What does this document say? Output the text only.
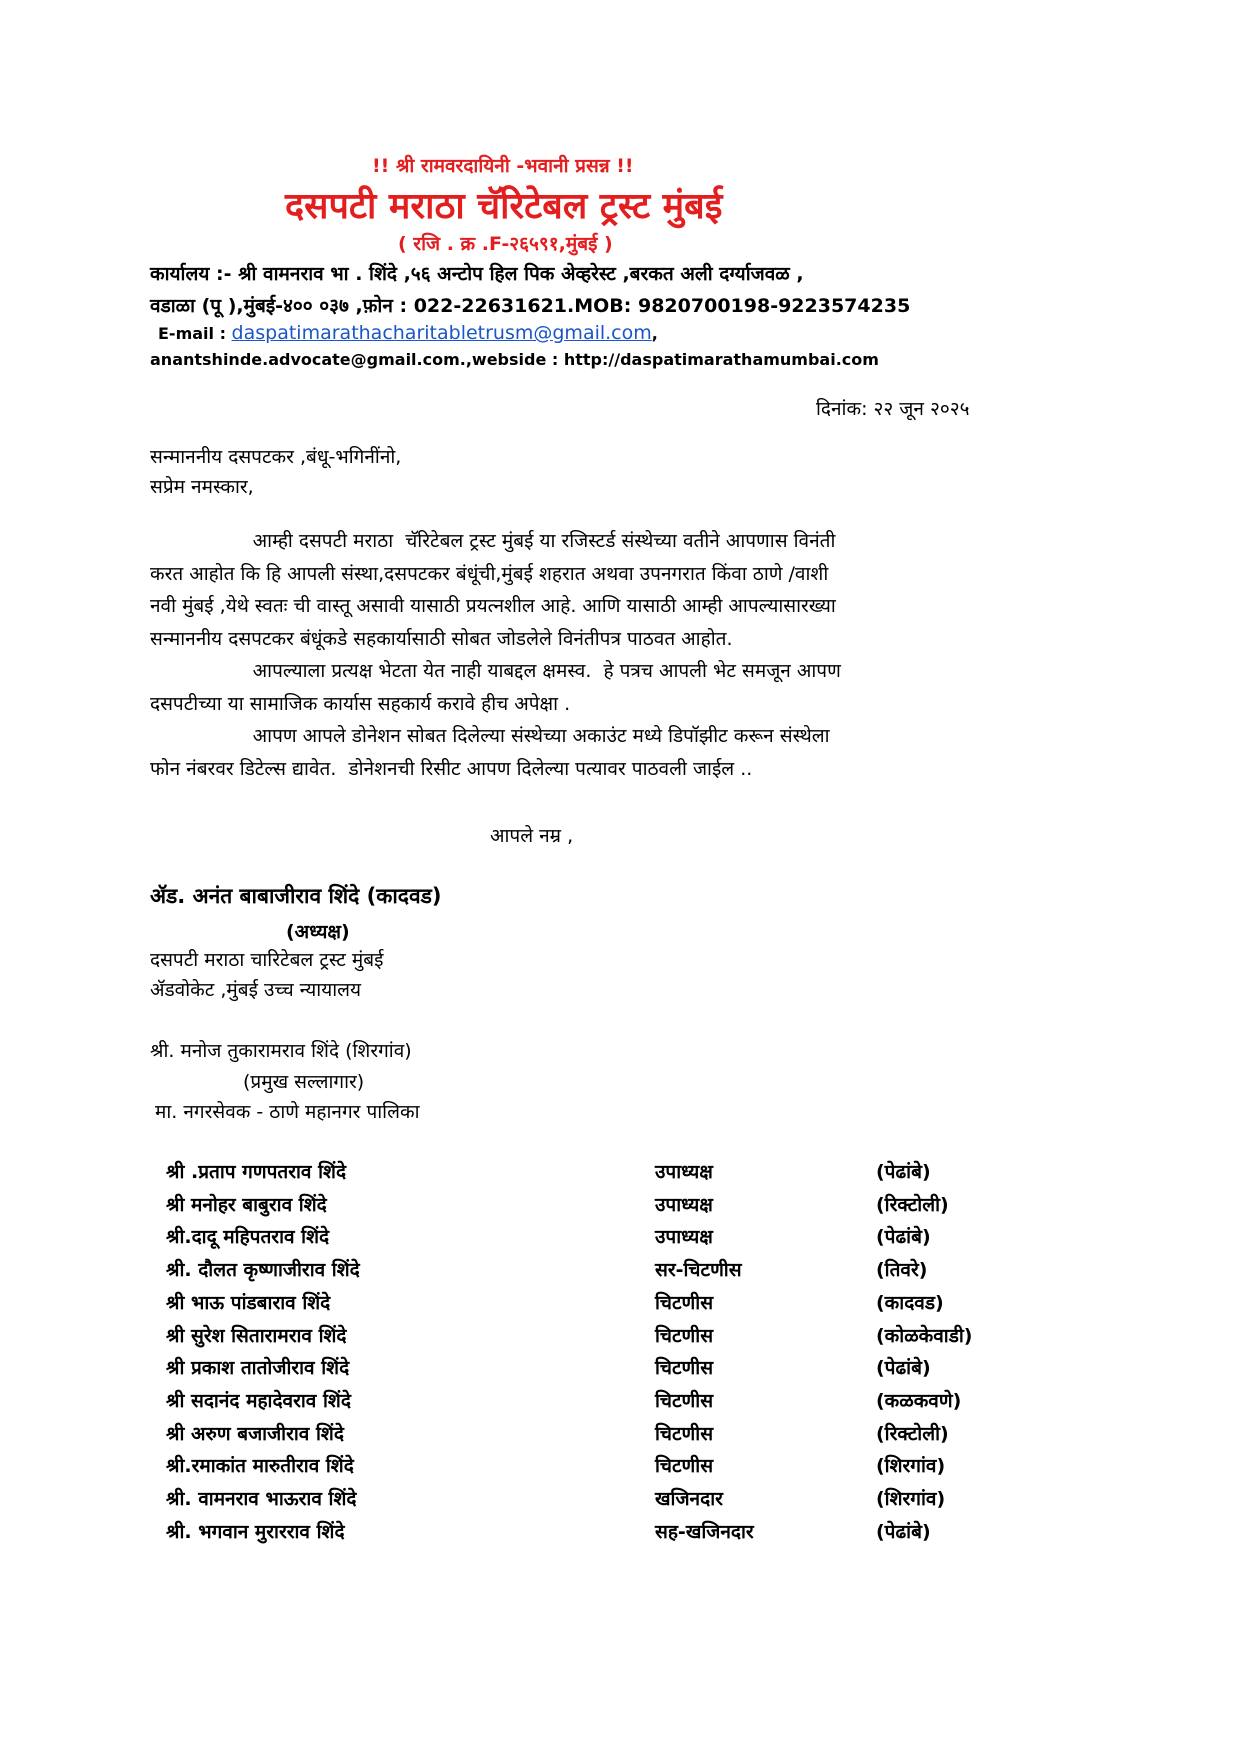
!! श्री रामवरदायिनी -भवानी प्रसन्न !!
दसपटी मराठा चॅरिटेबल ट्रस्ट मुंबई
( रजि . क्र .F-२६५९१,मुंबई )
कार्यालय :- श्री वामनराव भा . शिंदे ,५६ अन्टोप हिल पिक अेव्हरेस्ट ,बरकत अली दर्ग्याजवळ ,
वडाळा (पू ),मुंबई-४०० ०३७ ,फ़ोन : 022-22631621.MOB: 9820700198-9223574235
E-mail : daspatimarathacharitabletrusm@gmail.com,
anantshinde.advocate@gmail.com.,webside : http://daspatimarathamumbai.com
दिनांक: २२ जून २०२५
सन्माननीय दसपटकर ,बंधू-भगिनींनो,
सप्रेम नमस्कार,
आम्ही दसपटी मराठा  चॅरिटेबल ट्रस्ट मुंबई या रजिस्टर्ड संस्थेच्या वतीने आपणास विनंती
करत आहोत कि हि आपली संस्था,दसपटकर बंधूंची,मुंबई शहरात अथवा उपनगरात किंवा ठाणे /वाशी
नवी मुंबई ,येथे स्वतः ची वास्तू असावी यासाठी प्रयत्नशील आहे. आणि यासाठी आम्ही आपल्यासारख्या
सन्माननीय दसपटकर बंधूंकडे सहकार्यासाठी सोबत जोडलेले विनंतीपत्र पाठवत आहोत.
आपल्याला प्रत्यक्ष भेटता येत नाही याबद्दल क्षमस्व.  हे पत्रच आपली भेट समजून आपण
दसपटीच्या या सामाजिक कार्यास सहकार्य करावे हीच अपेक्षा .
आपण आपले डोनेशन सोबत दिलेल्या संस्थेच्या अकाउंट मध्ये डिपॉझीट करून संस्थेला
फोन नंबरवर डिटेल्स द्यावेत.  डोनेशनची रिसीट आपण दिलेल्या पत्यावर पाठवली जाईल ..
आपले नम्र ,
ॲड. अनंत बाबाजीराव शिंदे (कादवड)
(अध्यक्ष)
दसपटी मराठा चारिटेबल ट्रस्ट मुंबई
ॲडवोकेट ,मुंबई उच्च न्यायालय
श्री. मनोज तुकारामराव शिंदे (शिरगांव)
(प्रमुख सल्लागार)
मा. नगरसेवक - ठाणे महानगर पालिका
श्री .प्रताप गणपतराव शिंदे	उपाध्यक्ष	(पेढांबे)
श्री मनोहर बाबुराव शिंदे	उपाध्यक्ष	(रिक्टोली)
श्री.दादू महिपतराव शिंदे	उपाध्यक्ष	(पेढांबे)
श्री. दौलत कृष्णाजीराव शिंदे	सर-चिटणीस	(तिवरे)
श्री भाऊ पांडबाराव शिंदे	चिटणीस	(कादवड)
श्री सुरेश सितारामराव शिंदे	चिटणीस	(कोळकेवाडी)
श्री प्रकाश तातोजीराव शिंदे	चिटणीस	(पेढांबे)
श्री सदानंद महादेवराव शिंदे	चिटणीस	(कळकवणे)
श्री अरुण बजाजीराव शिंदे	चिटणीस	(रिक्टोली)
श्री.रमाकांत मारुतीराव शिंदे	चिटणीस	(शिरगांव)
श्री. वामनराव भाऊराव शिंदे	खजिनदार	(शिरगांव)
श्री. भगवान मुरारराव शिंदे	सह-खजिनदार	(पेढांबे)
